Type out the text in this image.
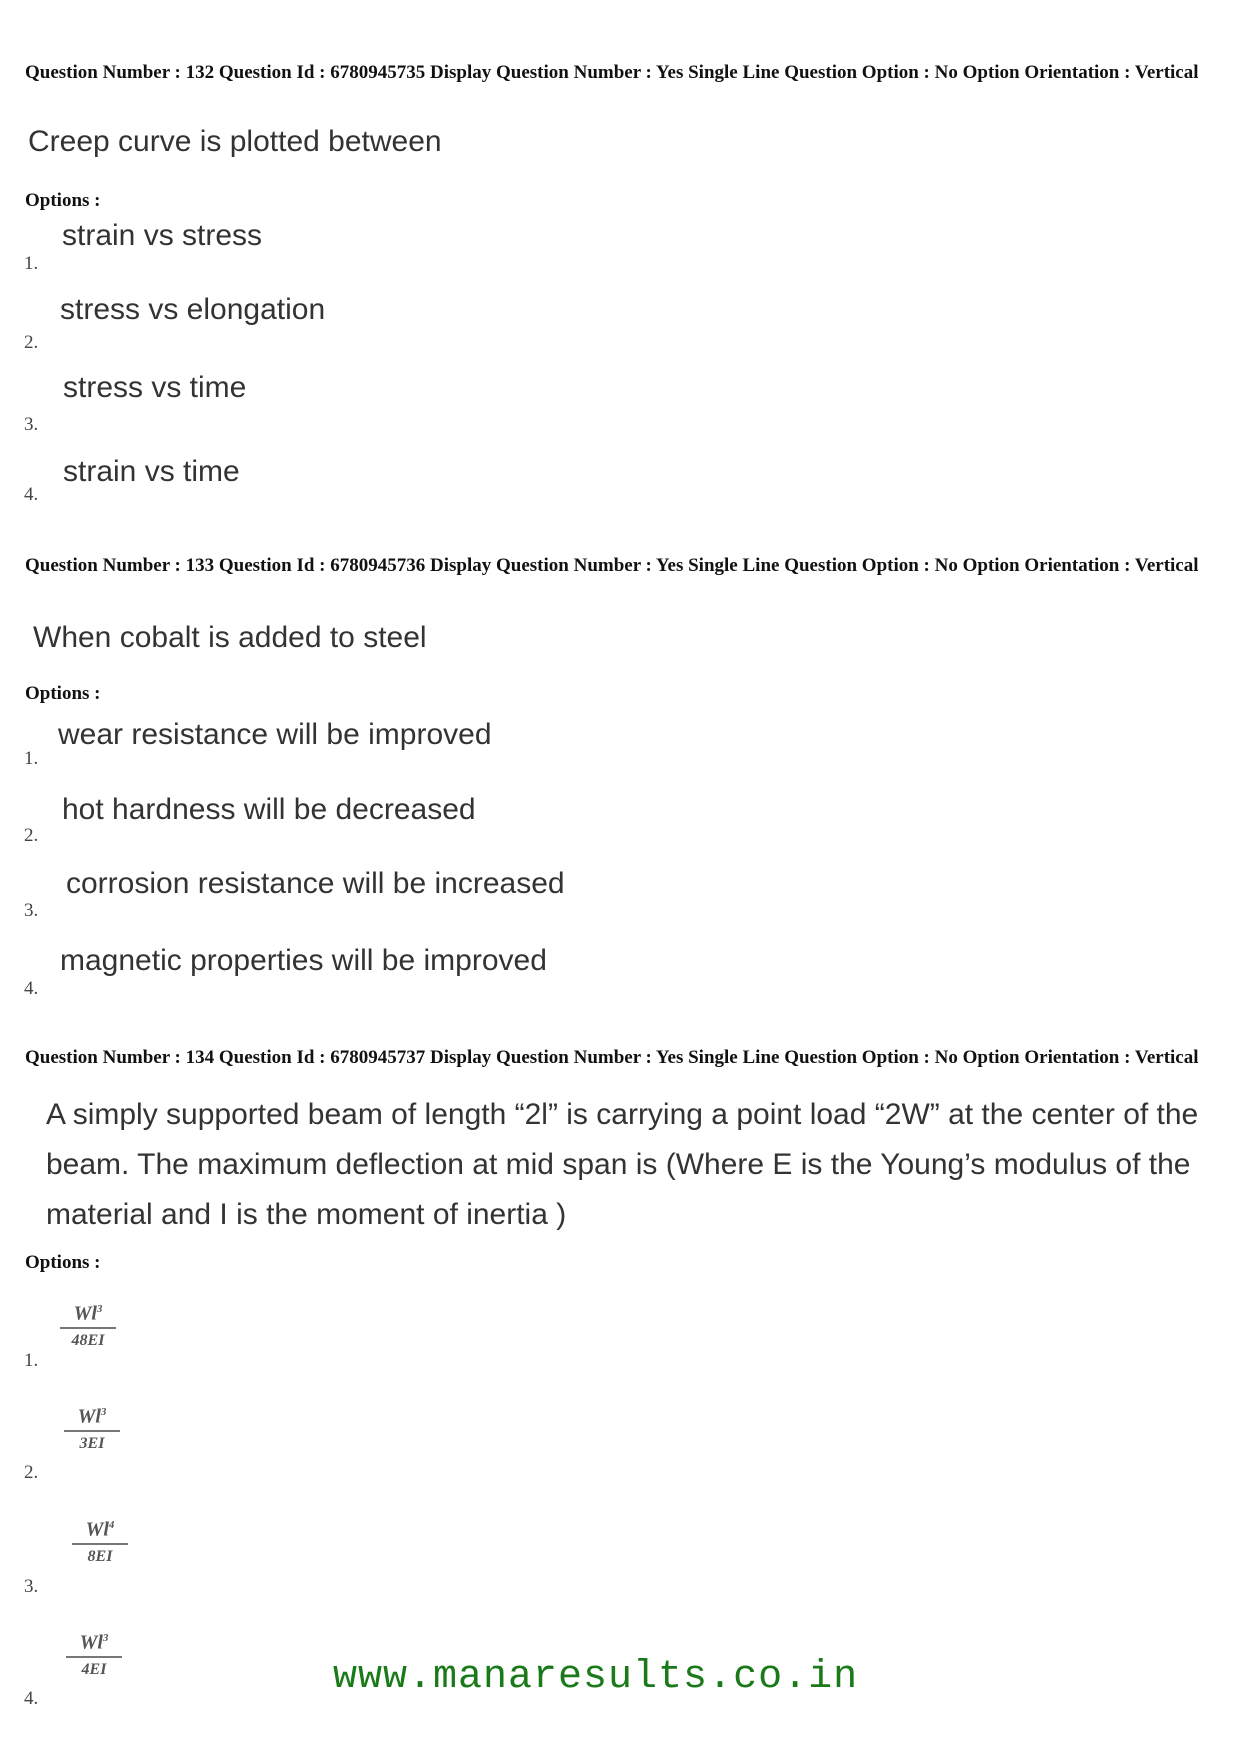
Question Number : 132 Question Id : 6780945735 Display Question Number : Yes Single Line Question Option : No Option Orientation : Vertical
Creep curve is plotted between
Options :
1.
strain vs stress
2.
stress vs elongation
3.
stress vs time
4.
strain vs time
Question Number : 133 Question Id : 6780945736 Display Question Number : Yes Single Line Question Option : No Option Orientation : Vertical
When cobalt is added to steel
Options :
1.
wear resistance will be improved
2.
hot hardness will be decreased
3.
corrosion resistance will be increased
4.
magnetic properties will be improved
Question Number : 134 Question Id : 6780945737 Display Question Number : Yes Single Line Question Option : No Option Orientation : Vertical
A simply supported beam of length “2l” is carrying a point load “2W” at the center of the beam. The maximum deflection at mid span is (Where E is the Young’s modulus of the material and I is the moment of inertia )
Options :
1.
Wl$^3$
48EI
2.
Wl$^3$
3EI
3.
Wl$^4$
8EI
4.
Wl$^3$
4EI	www.manaresults.co.in
